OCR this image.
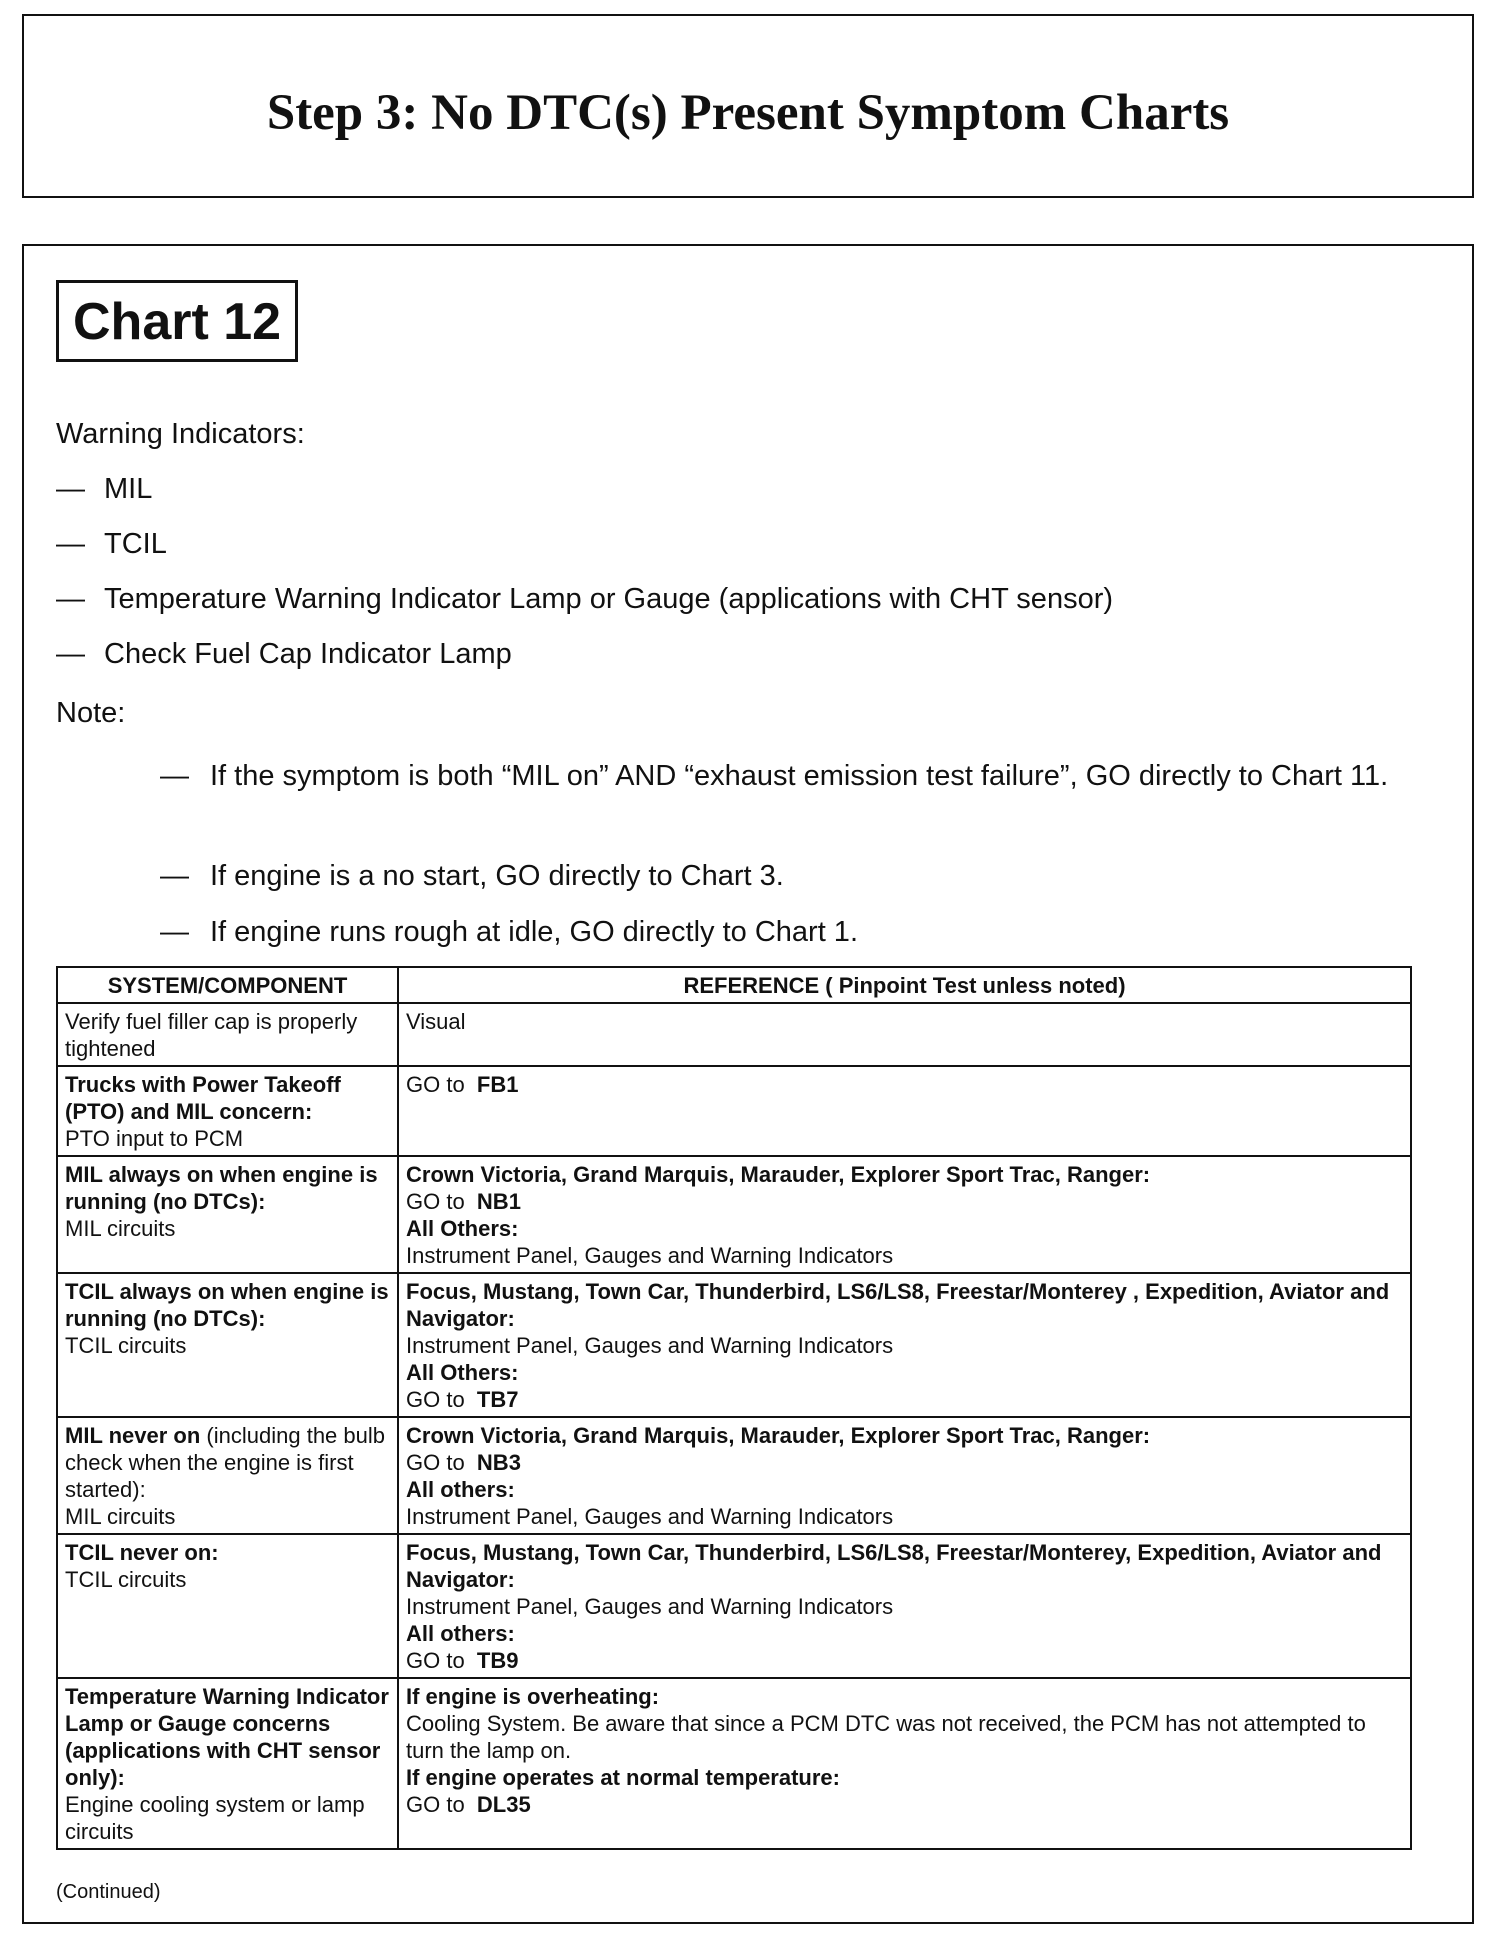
Step 3: No DTC(s) Present Symptom Charts
Chart 12
Warning Indicators:
— MIL
— TCIL
— Temperature Warning Indicator Lamp or Gauge (applications with CHT sensor)
— Check Fuel Cap Indicator Lamp
Note:
— If the symptom is both “MIL on” AND “exhaust emission test failure”, GO directly to Chart 11.
— If engine is a no start, GO directly to Chart 3.
— If engine runs rough at idle, GO directly to Chart 1.
SYSTEM/COMPONENT	REFERENCE ( Pinpoint Test unless noted)

Verify fuel filler cap is properly tightened	Visual

Trucks with Power Takeoff (PTO) and MIL concern:
PTO input to PCM	GO to FB1

MIL always on when engine is running (no DTCs):
MIL circuits	Crown Victoria, Grand Marquis, Marauder, Explorer Sport Trac, Ranger:
GO to NB1
All Others:
Instrument Panel, Gauges and Warning Indicators

TCIL always on when engine is running (no DTCs):
TCIL circuits	Focus, Mustang, Town Car, Thunderbird, LS6/LS8, Freestar/Monterey , Expedition, Aviator and Navigator:
Instrument Panel, Gauges and Warning Indicators
All Others:
GO to TB7

MIL never on (including the bulb check when the engine is first started):
MIL circuits	Crown Victoria, Grand Marquis, Marauder, Explorer Sport Trac, Ranger:
GO to NB3
All others:
Instrument Panel, Gauges and Warning Indicators

TCIL never on:
TCIL circuits	Focus, Mustang, Town Car, Thunderbird, LS6/LS8, Freestar/Monterey, Expedition, Aviator and Navigator:
Instrument Panel, Gauges and Warning Indicators
All others:
GO to TB9

Temperature Warning Indicator Lamp or Gauge concerns (applications with CHT sensor only):
Engine cooling system or lamp circuits	If engine is overheating:
Cooling System. Be aware that since a PCM DTC was not received, the PCM has not attempted to turn the lamp on.
If engine operates at normal temperature:
GO to DL35
(Continued)
